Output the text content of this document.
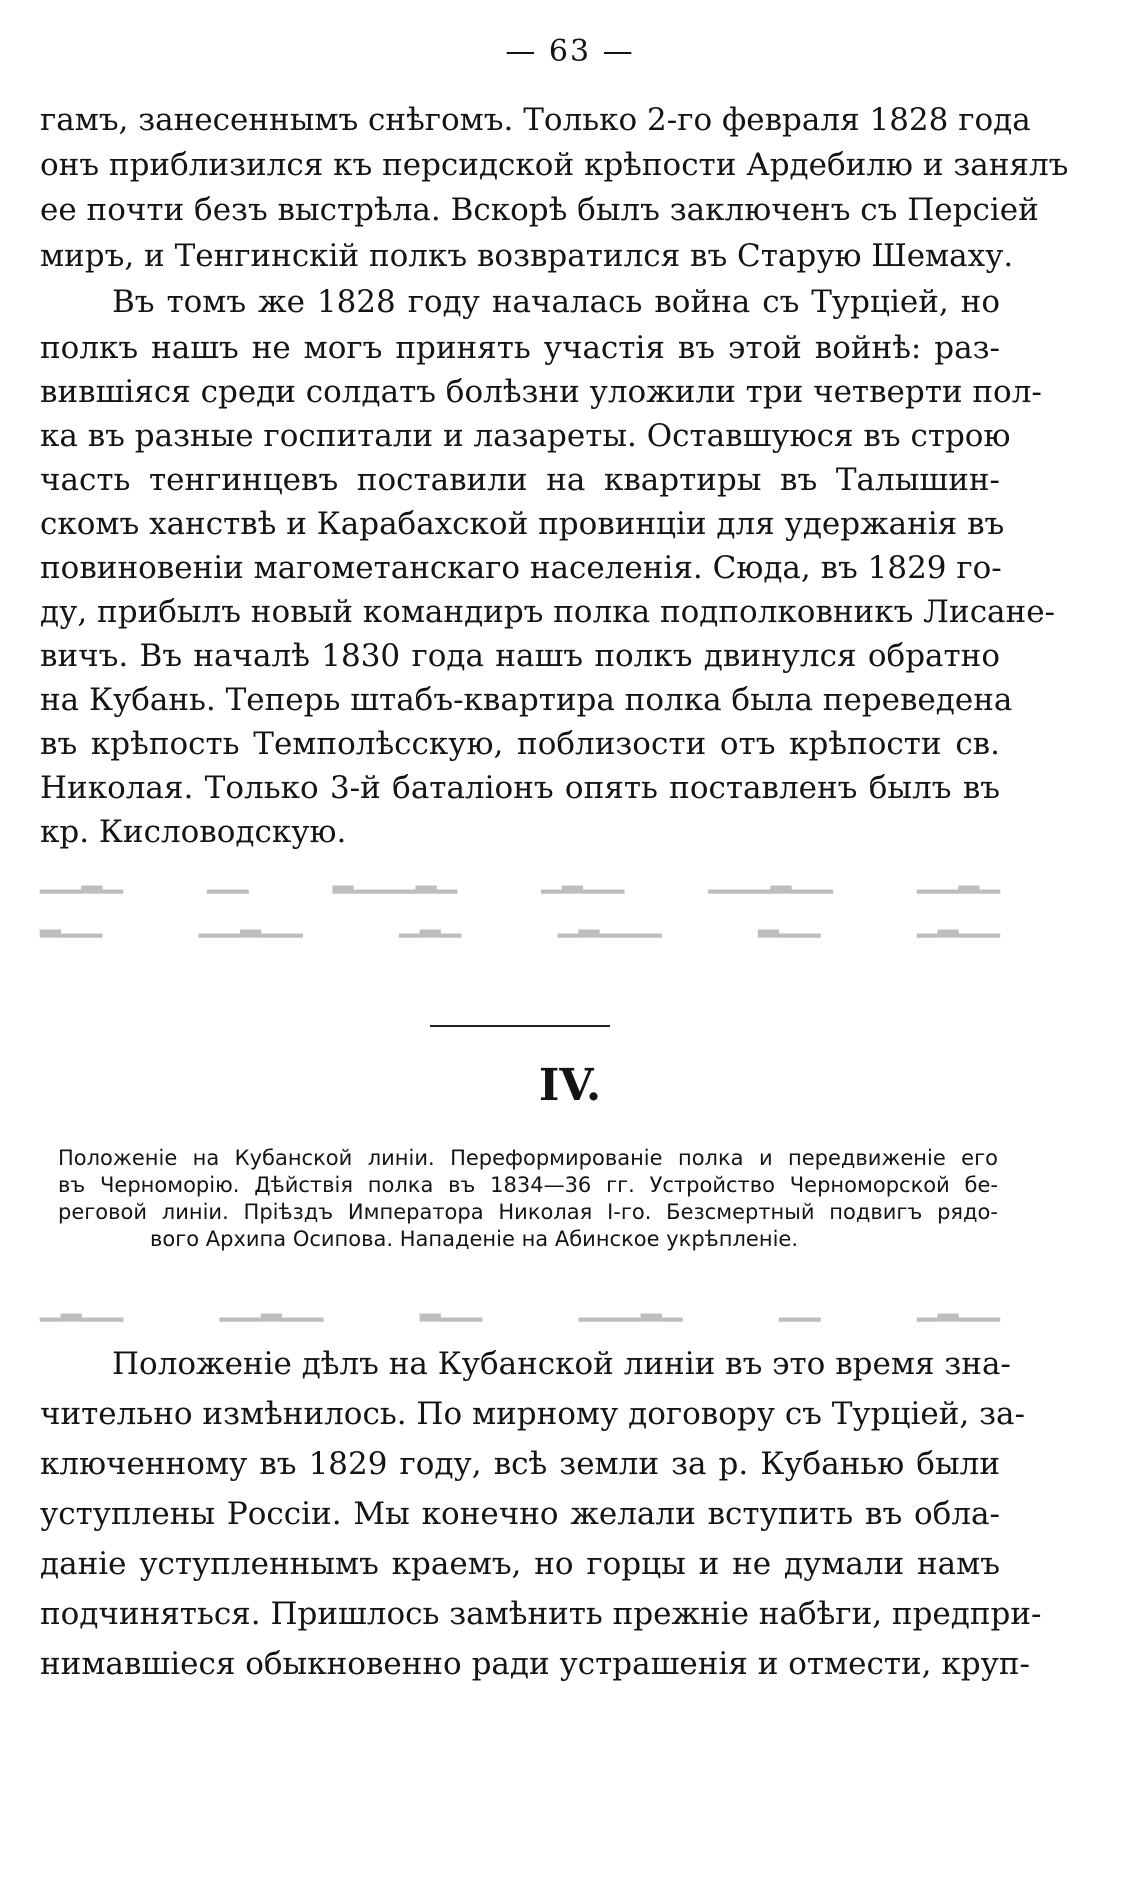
— 63 —
гамъ, занесеннымъ снѣгомъ. Только 2-го февраля 1828 года
онъ приблизился къ персидской крѣпости Ардебилю и занялъ
ее почти безъ выстрѣла. Вскорѣ былъ заключенъ съ Персіей
миръ, и Тенгинскій полкъ возвратился въ Старую Шемаху.
Въ томъ же 1828 году началась война съ Турціей, но
полкъ нашъ не могъ принять участія въ этой войнѣ: раз-
вившіяся среди солдатъ болѣзни уложили три четверти пол-
ка въ разные госпитали и лазареты. Оставшуюся въ строю
часть тенгинцевъ поставили на квартиры въ Талышин-
скомъ ханствѣ и Карабахской провинціи для удержанія въ
повиновеніи магометанскаго населенія. Сюда, въ 1829 го-
ду, прибылъ новый командиръ полка подполковникъ Лисане-
вичъ. Въ началѣ 1830 года нашъ полкъ двинулся обратно
на Кубань. Теперь штабъ-квартира полка была переведена
въ крѣпость Темполѣсскую, поблизости отъ крѣпости св.
Николая. Только 3-й баталіонъ опять поставленъ былъ въ
кр. Кисловодскую.
▁▂▁▁ ▁▁▂▁▁▁ ▁▁▂▁ ▁▂▁▁▁▂ ▁▁ ▁▂▁▁
▁▁▂▁ ▁▁▂ ▁▁▁▂▁ ▁▂▁ ▁▁▂▁▁ ▁▁▂
IV.
Положеніе на Кубанской линіи. Переформированіе полка и передвиженіе его
въ Черноморію. Дѣйствія полка въ 1834—36 гг. Устройство Черноморской бе-
реговой линіи. Пріѣздъ Императора Николая I-го. Безсмертный подвигъ рядо-
вого Архипа Осипова. Нападеніе на Абинское укрѣпленіе.
▁▁▂▁ ▁▁ ▁▂▁▁▁ ▁▁▂ ▁▁▂▁▁ ▁▁▂▁
Положеніе дѣлъ на Кубанской линіи въ это время зна-
чительно измѣнилось. По мирному договору съ Турціей, за-
ключенному въ 1829 году, всѣ земли за р. Кубанью были
уступлены Россіи. Мы конечно желали вступить въ обла-
даніе уступленнымъ краемъ, но горцы и не думали намъ
подчиняться. Пришлось замѣнить прежніе набѣги, предпри-
нимавшіеся обыкновенно ради устрашенія и отмести, круп-
